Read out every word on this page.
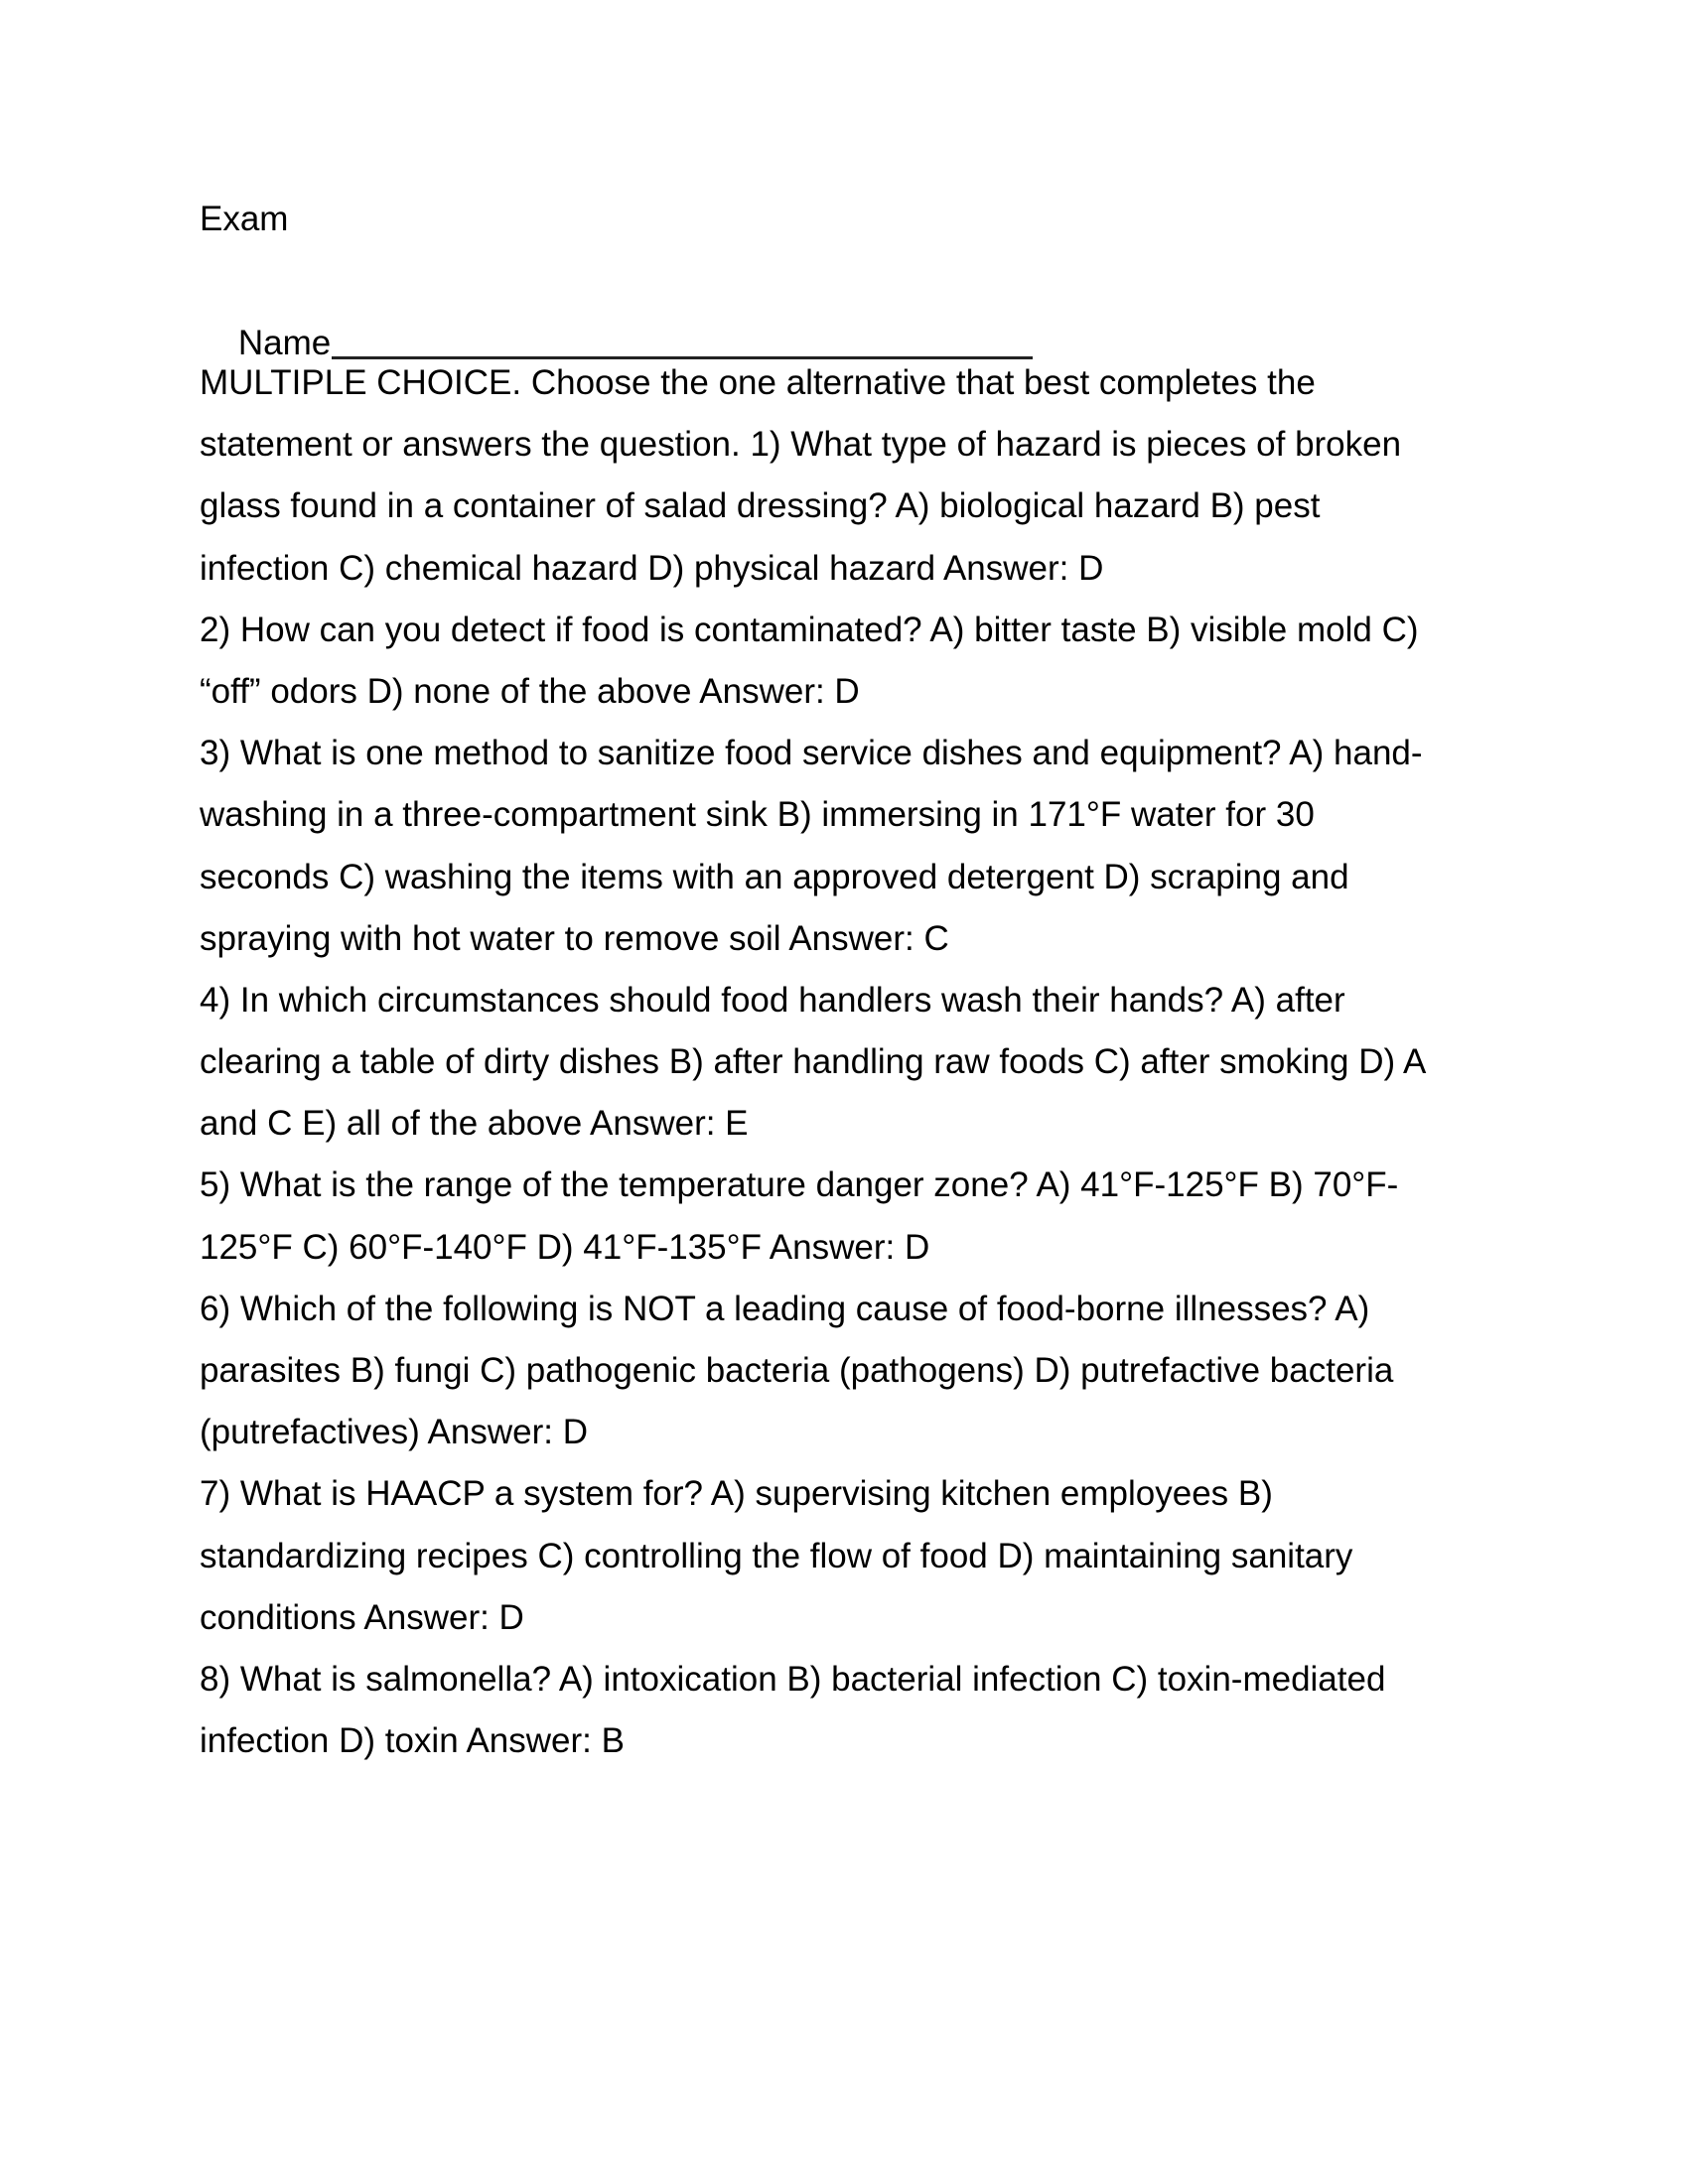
Exam

Name

MULTIPLE CHOICE. Choose the one alternative that best completes the
statement or answers the question. 1) What type of hazard is pieces of broken
glass found in a container of salad dressing? A) biological hazard B) pest
infection C) chemical hazard D) physical hazard Answer: D
2) How can you detect if food is contaminated? A) bitter taste B) visible mold C)
“off” odors D) none of the above Answer: D
3) What is one method to sanitize food service dishes and equipment? A) hand-
washing in a three-compartment sink B) immersing in 171°F water for 30
seconds C) washing the items with an approved detergent D) scraping and
spraying with hot water to remove soil Answer: C
4) In which circumstances should food handlers wash their hands? A) after
clearing a table of dirty dishes B) after handling raw foods C) after smoking D) A
and C E) all of the above Answer: E
5) What is the range of the temperature danger zone? A) 41°F-125°F B) 70°F-
125°F C) 60°F-140°F D) 41°F-135°F Answer: D
6) Which of the following is NOT a leading cause of food-borne illnesses? A)
parasites B) fungi C) pathogenic bacteria (pathogens) D) putrefactive bacteria
(putrefactives) Answer: D
7) What is HAACP a system for? A) supervising kitchen employees B)
standardizing recipes C) controlling the flow of food D) maintaining sanitary
conditions Answer: D
8) What is salmonella? A) intoxication B) bacterial infection C) toxin-mediated
infection D) toxin Answer: B
